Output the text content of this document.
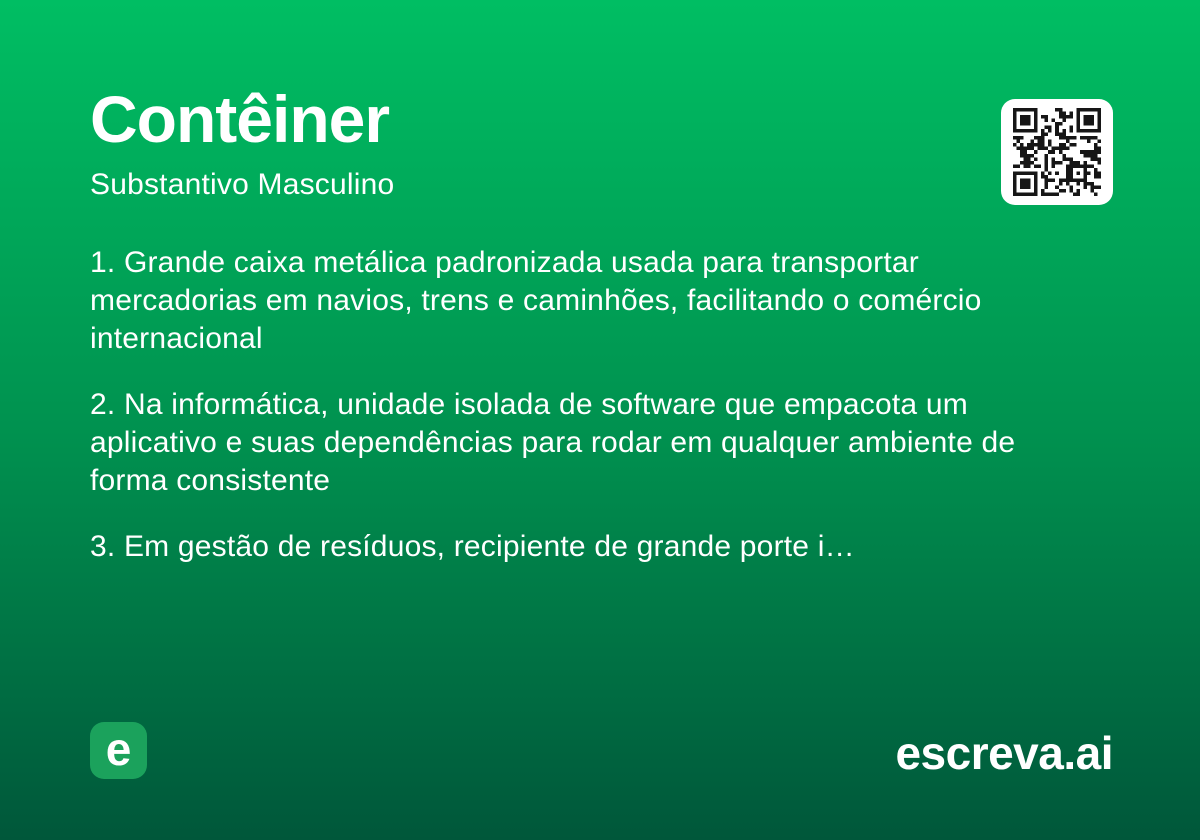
Contêiner
Substantivo Masculino

1. Grande caixa metálica padronizada usada para transportar mercadorias em navios, trens e caminhões, facilitando o comércio internacional

2. Na informática, unidade isolada de software que empacota um aplicativo e suas dependências para rodar em qualquer ambiente de forma consistente

3. Em gestão de resíduos, recipiente de grande porte i…

e	escreva.ai
